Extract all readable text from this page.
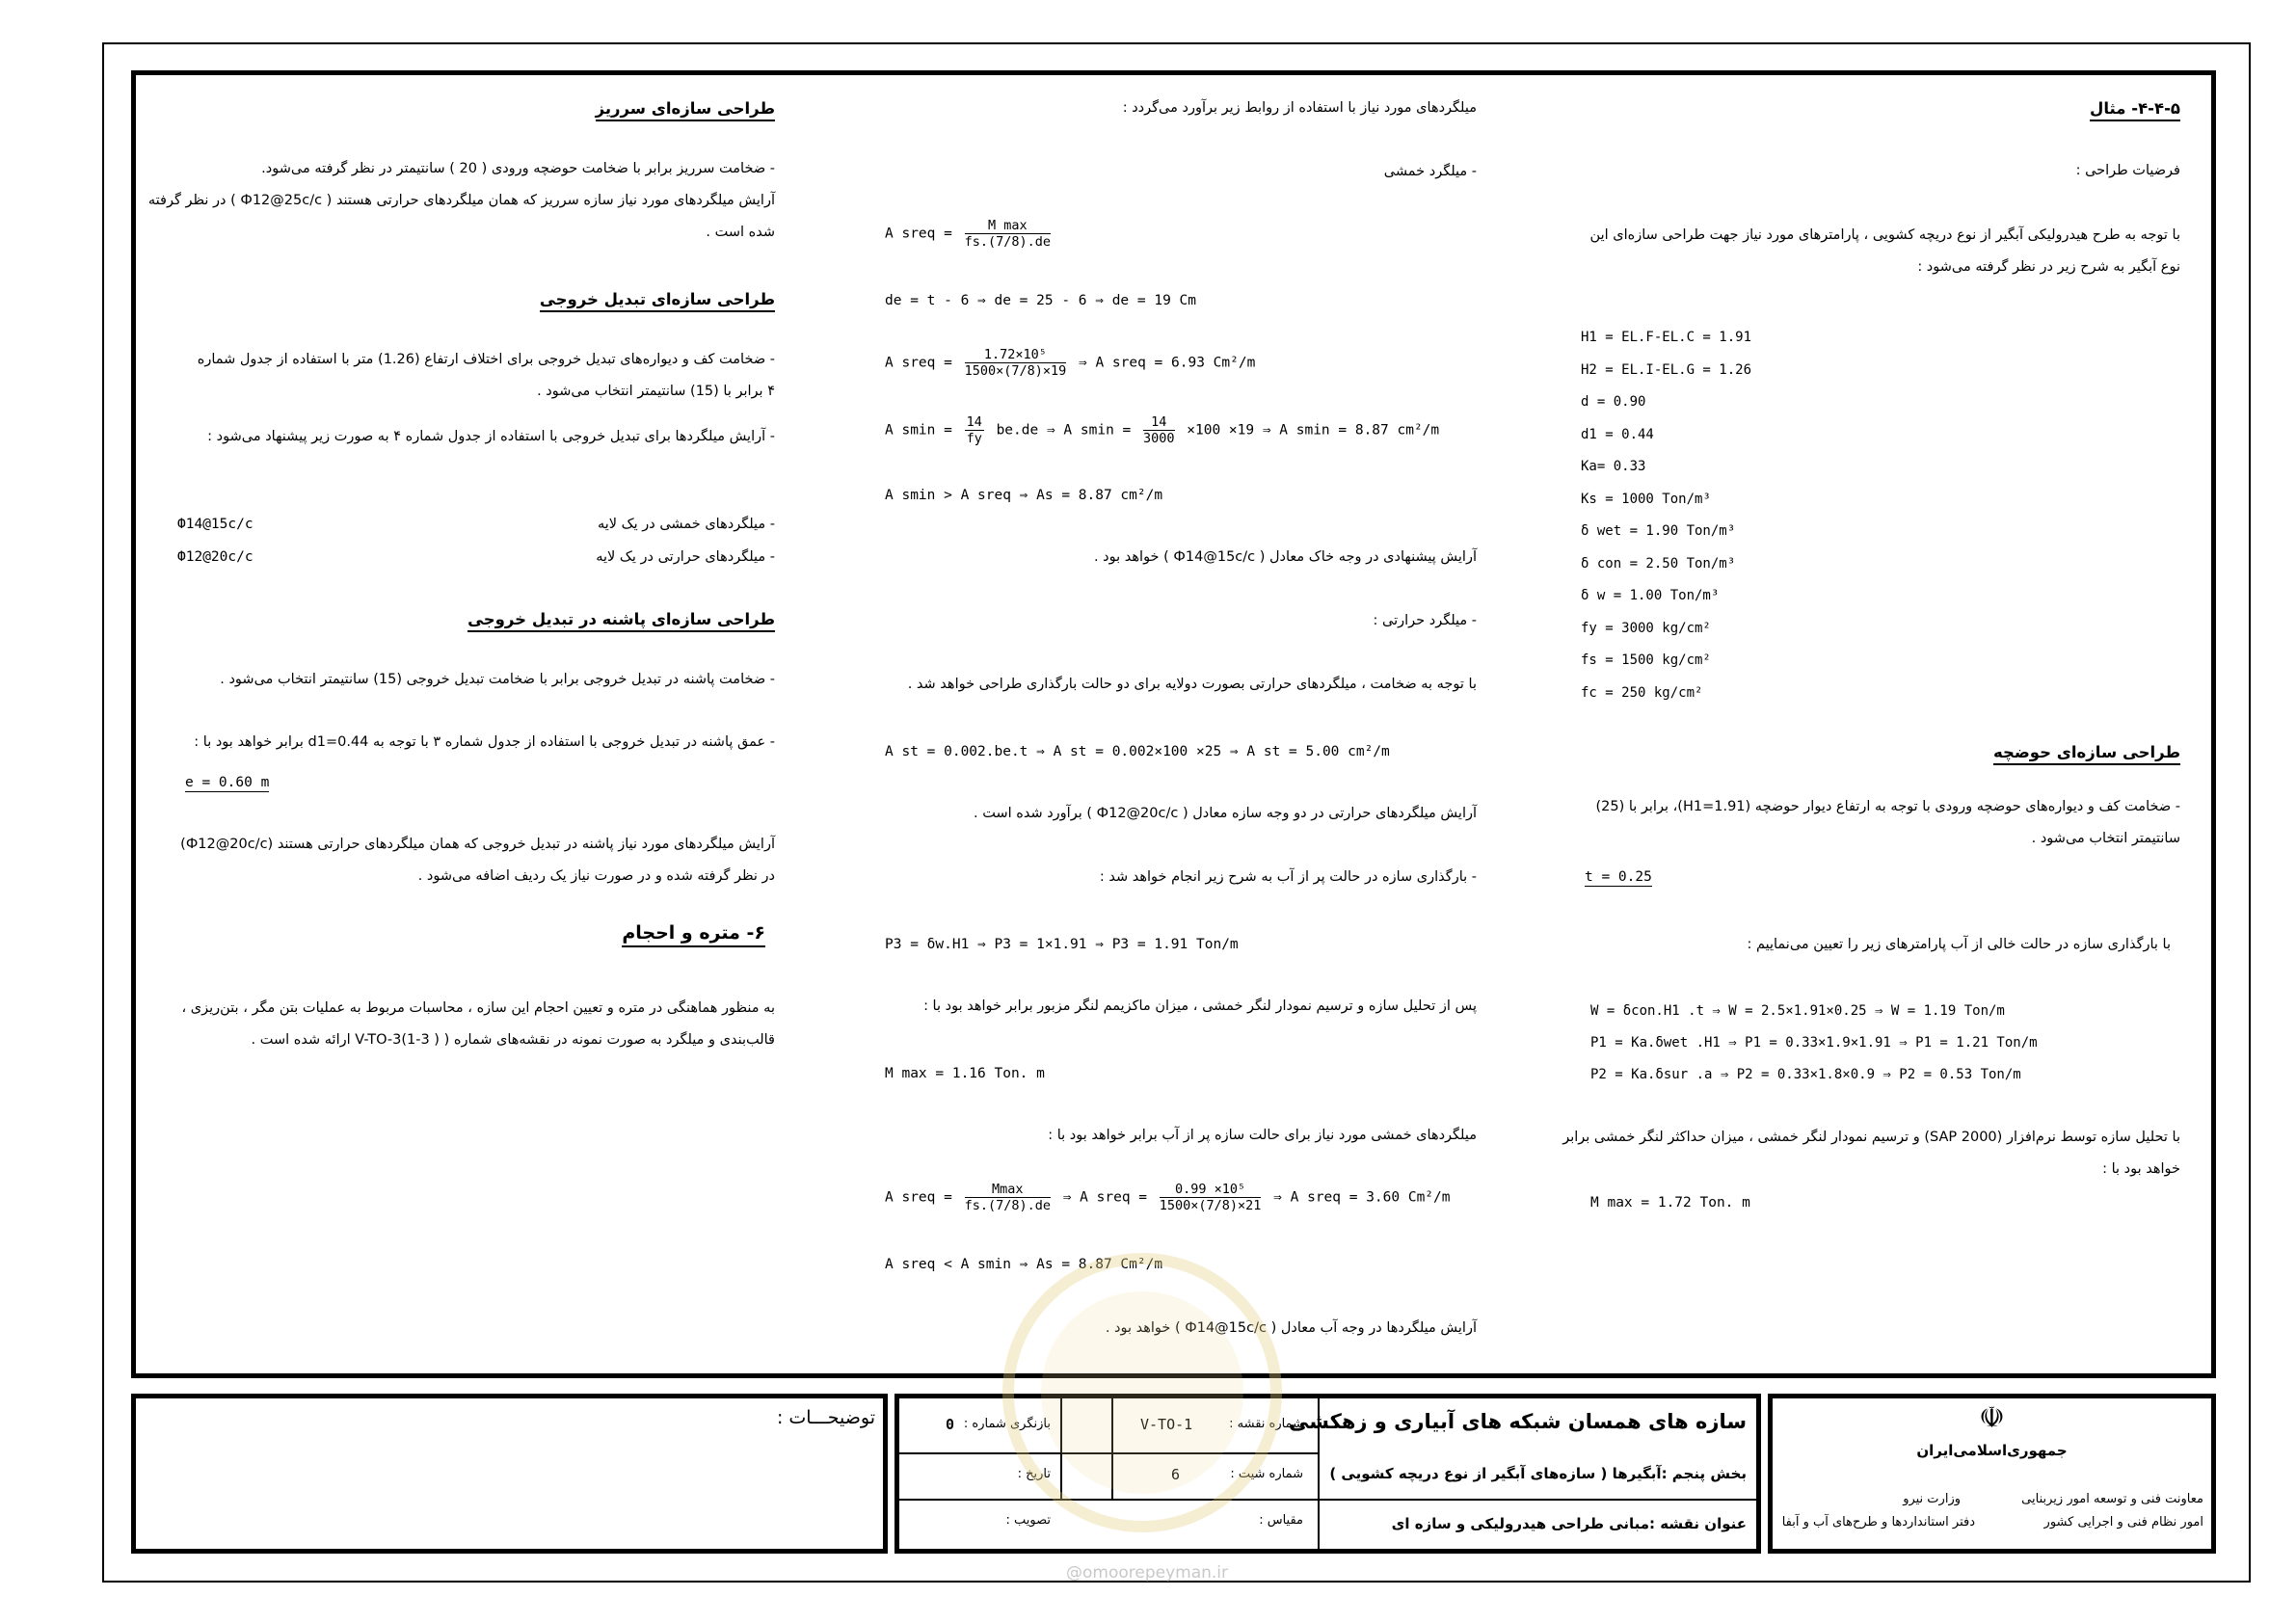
۴-۴-۵- مثال
فرضیات طراحی :
با توجه به طرح هیدرولیکی آبگیر از نوع دریچه کشویی ، پارامترهای مورد نیاز جهت طراحی سازه‌ای این
نوع آبگیر به شرح زیر در نظر گرفته می‌شود :
H1 = EL.F-EL.C = 1.91
H2 = EL.I-EL.G = 1.26
d = 0.90
d1 = 0.44
Ka= 0.33
Ks = 1000 Ton/m³
δ wet = 1.90 Ton/m³
δ con = 2.50 Ton/m³
δ w = 1.00 Ton/m³
fy = 3000 kg/cm²
fs = 1500 kg/cm²
fc = 250 kg/cm²
طراحی سازه‌ای حوضچه
- ضخامت کف و دیواره‌های حوضچه ورودی با توجه به ارتفاع دیوار حوضچه (H1=1.91)، برابر با (25)
سانتیمتر انتخاب می‌شود .
t = 0.25
با بارگذاری سازه در حالت خالی از آب پارامترهای زیر را تعیین می‌نماییم :
W = δcon.H1 .t ⇒ W = 2.5×1.91×0.25 ⇒ W = 1.19 Ton/m
P1 = Ka.δwet .H1 ⇒ P1 = 0.33×1.9×1.91 ⇒ P1 = 1.21 Ton/m
P2 = Ka.δsur .a ⇒ P2 = 0.33×1.8×0.9 ⇒ P2 = 0.53 Ton/m
با تحلیل سازه توسط نرم‌افزار (SAP 2000) و ترسیم نمودار لنگر خمشی ، میزان حداکثر لنگر خمشی برابر
خواهد بود با :
M max = 1.72 Ton. m
میلگردهای مورد نیاز با استفاده از روابط زیر برآورد می‌گردد :
- میلگرد خمشی
A sreq = $\frac{\text{M max}}{fs.(7/8).de}$
de = t - 6 ⇒ de = 25 - 6 ⇒ de = 19 Cm
A sreq = $\frac{\text{1.72×10⁵}}{1500\times(7/8)\times 19}$ ⇒ A sreq = 6.93 Cm²/m
A $smin = \frac{14}{fy} be.de$ ⇒ A $smin = \frac{14}{3000} \times 100 \times 19$ ⇒ A smin = 8.87 cm²/m
A smin > A sreq ⇒ As = 8.87 cm²/m
آرایش پیشنهادی در وجه خاک معادل ( Ф14@15c/c ) خواهد بود .
- میلگرد حرارتی :
با توجه به ضخامت ، میلگردهای حرارتی بصورت دولایه برای دو حالت بارگذاری طراحی خواهد شد .
A st = 0.002.be.t ⇒ A st = 0.002×100 ×25 ⇒ A st = 5.00 cm²/m
آرایش میلگردهای حرارتی در دو وجه سازه معادل ( Ф12@20c/c ) برآورد شده است .
- بارگذاری سازه در حالت پر از آب به شرح زیر انجام خواهد شد :
P3 = δw.H1 ⇒ P3 = 1×1.91 ⇒ P3 = 1.91 Ton/m
پس از تحلیل سازه و ترسیم نمودار لنگر خمشی ، میزان ماکزیمم لنگر مزبور برابر خواهد بود با :
M max = 1.16 Ton. m
میلگردهای خمشی مورد نیاز برای حالت سازه پر از آب برابر خواهد بود با :
A sreq = $\frac{Mmax}{fs.(7/8).de}$ ⇒ A sreq = $\frac{\text{0.99 ×10⁵}}{1500\times(7/8)\times 21}$ ⇒ A sreq = 3.60 Cm²/m
A sreq < A smin ⇒ As = 8.87 Cm²/m
آرایش میلگردها در وجه آب معادل ( Ф14@15c/c ) خواهد بود .
طراحی سازه‌ای سرریز
- ضخامت سرریز برابر با ضخامت حوضچه ورودی ( 20 ) سانتیمتر در نظر گرفته می‌شود.
آرایش میلگردهای مورد نیاز سازه سرریز که همان میلگردهای حرارتی هستند ( Ф12@25c/c ) در نظر گرفته
شده است .
طراحی سازه‌ای تبدیل خروجی
- ضخامت کف و دیواره‌های تبدیل خروجی برای اختلاف ارتفاع (1.26) متر با استفاده از جدول شماره
۴ برابر با (15) سانتیمتر انتخاب می‌شود .
- آرایش میلگردها برای تبدیل خروجی با استفاده از جدول شماره ۴ به صورت زیر پیشنهاد می‌شود :
- میلگردهای خمشی در یک لایه
Ф14@15c/c
- میلگردهای حرارتی در یک لایه
Ф12@20c/c
طراحی سازه‌ای پاشنه در تبدیل خروجی
- ضخامت پاشنه در تبدیل خروجی برابر با ضخامت تبدیل خروجی (15) سانتیمتر انتخاب می‌شود .
- عمق پاشنه در تبدیل خروجی با استفاده از جدول شماره ۳ با توجه به d1=0.44 برابر خواهد بود با :
e = 0.60 m
آرایش میلگردهای مورد نیاز پاشنه در تبدیل خروجی که همان میلگردهای حرارتی هستند (Ф12@20c/c)
در نظر گرفته شده و در صورت نیاز یک ردیف اضافه می‌شود .
۶- متره و احجام
به منظور هماهنگی در متره و تعیین احجام این سازه ، محاسبات مربوط به عملیات بتن مگر ، بتن‌ریزی ،
قالب‌بندی و میلگرد به صورت نمونه در نقشه‌های شماره ( V-TO-3(1-3 ) ارائه شده است .
توضیحـــات :	سازه های همسان شبکه های آبیاری و زهکشی
بخش پنجم :آبگیرها ( سازه‌های آبگیر از نوع دریچه کشویی )
عنوان نقشه :مبانی طراحی هیدرولیکی و سازه ای
شماره نقشه :
V-TO-1
بازنگری شماره :
0
شماره شیت :
6
تاریخ :
مقیاس :
تصویب :
☫
جمهوری‌اسلامی‌ایران
معاونت فنی و توسعه امور زیربنایی
امور نظام فنی و اجرایی کشور
وزارت نیرو
دفتر استانداردها و طرح‌های آب و آبفا
@omoorepeyman.ir
